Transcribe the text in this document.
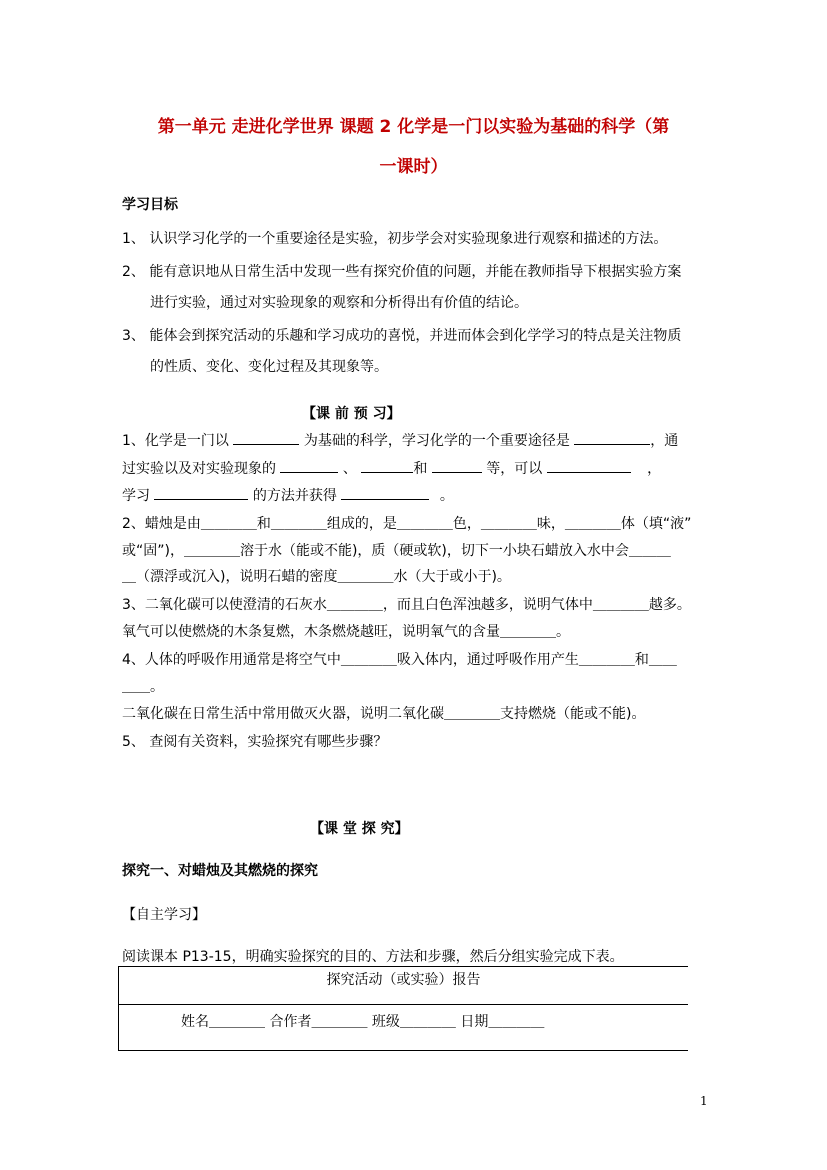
第一单元 走进化学世界 课题 2 化学是一门以实验为基础的科学（第
一课时）
学习目标
1、 认识学习化学的一个重要途径是实验，初步学会对实验现象进行观察和描述的方法。
2、 能有意识地从日常生活中发现一些有探究价值的问题，并能在教师指导下根据实验方案
进行实验，通过对实验现象的观察和分析得出有价值的结论。
3、 能体会到探究活动的乐趣和学习成功的喜悦，并进而体会到化学学习的特点是关注物质
的性质、变化、变化过程及其现象等。
【课 前 预 习】
1、化学是一门以	为基础的科学，学习化学的一个重要途径是	，通
过实验以及对实验现象的	、	和	等，可以	，
学习	的方法并获得	。
2、蜡烛是由＿＿＿＿和＿＿＿＿组成的，是＿＿＿＿色，＿＿＿＿味，＿＿＿＿体（填“液”
或“固”)，＿＿＿＿溶于水（能或不能)，质（硬或软)，切下一小块石蜡放入水中会＿＿＿
＿（漂浮或沉入)，说明石蜡的密度＿＿＿＿水（大于或小于)。
3、二氧化碳可以使澄清的石灰水＿＿＿＿，而且白色浑浊越多，说明气体中＿＿＿＿越多。
氧气可以使燃烧的木条复燃，木条燃烧越旺，说明氧气的含量＿＿＿＿。
4、人体的呼吸作用通常是将空气中＿＿＿＿吸入体内，通过呼吸作用产生＿＿＿＿和＿＿
＿＿。
二氧化碳在日常生活中常用做灭火器，说明二氧化碳＿＿＿＿支持燃烧（能或不能)。
5、 查阅有关资料，实验探究有哪些步骤？
【课 堂 探 究】
探究一、对蜡烛及其燃烧的探究
【自主学习】
阅读课本 P13-15，明确实验探究的目的、方法和步骤，然后分组实验完成下表。
探究活动（或实验）报告
姓名＿＿＿＿ 合作者＿＿＿＿ 班级＿＿＿＿ 日期＿＿＿＿
1
